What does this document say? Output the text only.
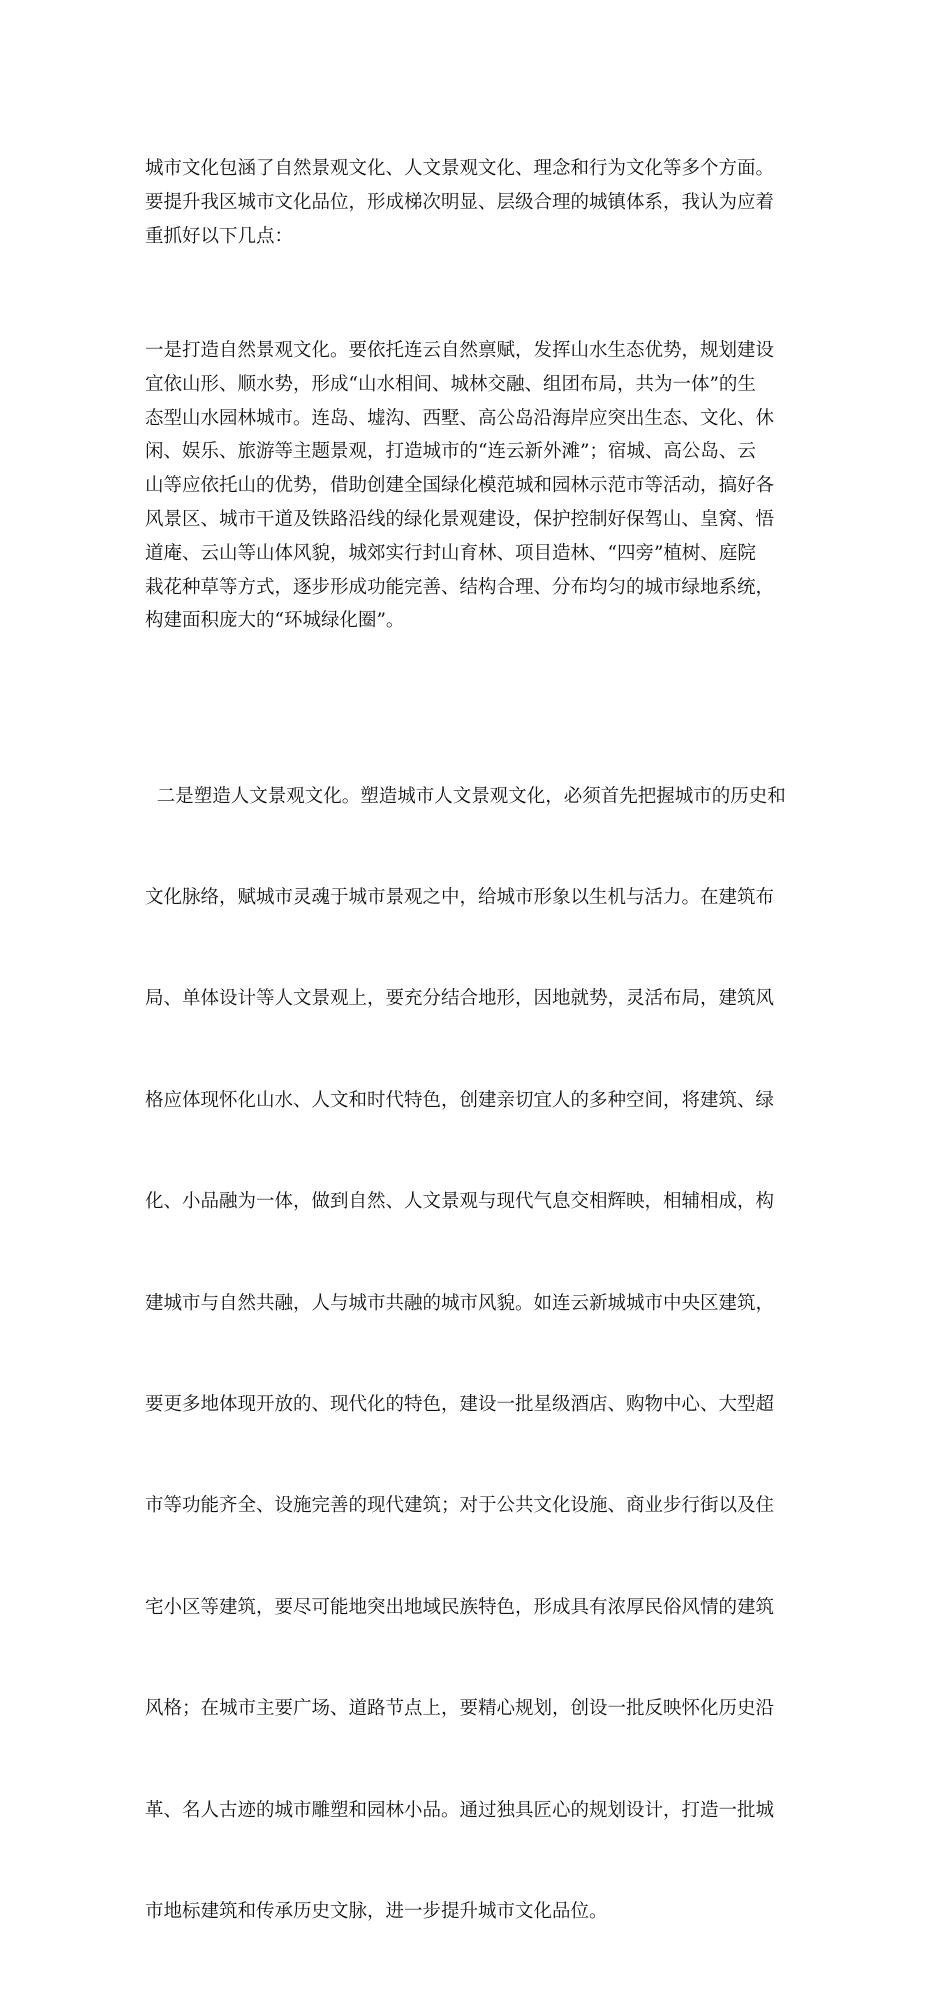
城市文化包涵了自然景观文化、人文景观文化、理念和行为文化等多个方面。
要提升我区城市文化品位，形成梯次明显、层级合理的城镇体系，我认为应着
重抓好以下几点：
一是打造自然景观文化。要依托连云自然禀赋，发挥山水生态优势，规划建设
宜依山形、顺水势，形成“山水相间、城林交融、组团布局，共为一体”的生
态型山水园林城市。连岛、墟沟、西墅、高公岛沿海岸应突出生态、文化、休
闲、娱乐、旅游等主题景观，打造城市的“连云新外滩”；宿城、高公岛、云
山等应依托山的优势，借助创建全国绿化模范城和园林示范市等活动，搞好各
风景区、城市干道及铁路沿线的绿化景观建设，保护控制好保驾山、皇窝、悟
道庵、云山等山体风貌，城郊实行封山育林、项目造林、“四旁”植树、庭院
栽花种草等方式，逐步形成功能完善、结构合理、分布均匀的城市绿地系统，
构建面积庞大的“环城绿化圈”。

二是塑造人文景观文化。塑造城市人文景观文化，必须首先把握城市的历史和

文化脉络，赋城市灵魂于城市景观之中，给城市形象以生机与活力。在建筑布

局、单体设计等人文景观上，要充分结合地形，因地就势，灵活布局，建筑风

格应体现怀化山水、人文和时代特色，创建亲切宜人的多种空间，将建筑、绿

化、小品融为一体，做到自然、人文景观与现代气息交相辉映，相辅相成，构

建城市与自然共融，人与城市共融的城市风貌。如连云新城城市中央区建筑，

要更多地体现开放的、现代化的特色，建设一批星级酒店、购物中心、大型超

市等功能齐全、设施完善的现代建筑；对于公共文化设施、商业步行街以及住

宅小区等建筑，要尽可能地突出地域民族特色，形成具有浓厚民俗风情的建筑

风格；在城市主要广场、道路节点上，要精心规划，创设一批反映怀化历史沿

革、名人古迹的城市雕塑和园林小品。通过独具匠心的规划设计，打造一批城

市地标建筑和传承历史文脉，进一步提升城市文化品位。
